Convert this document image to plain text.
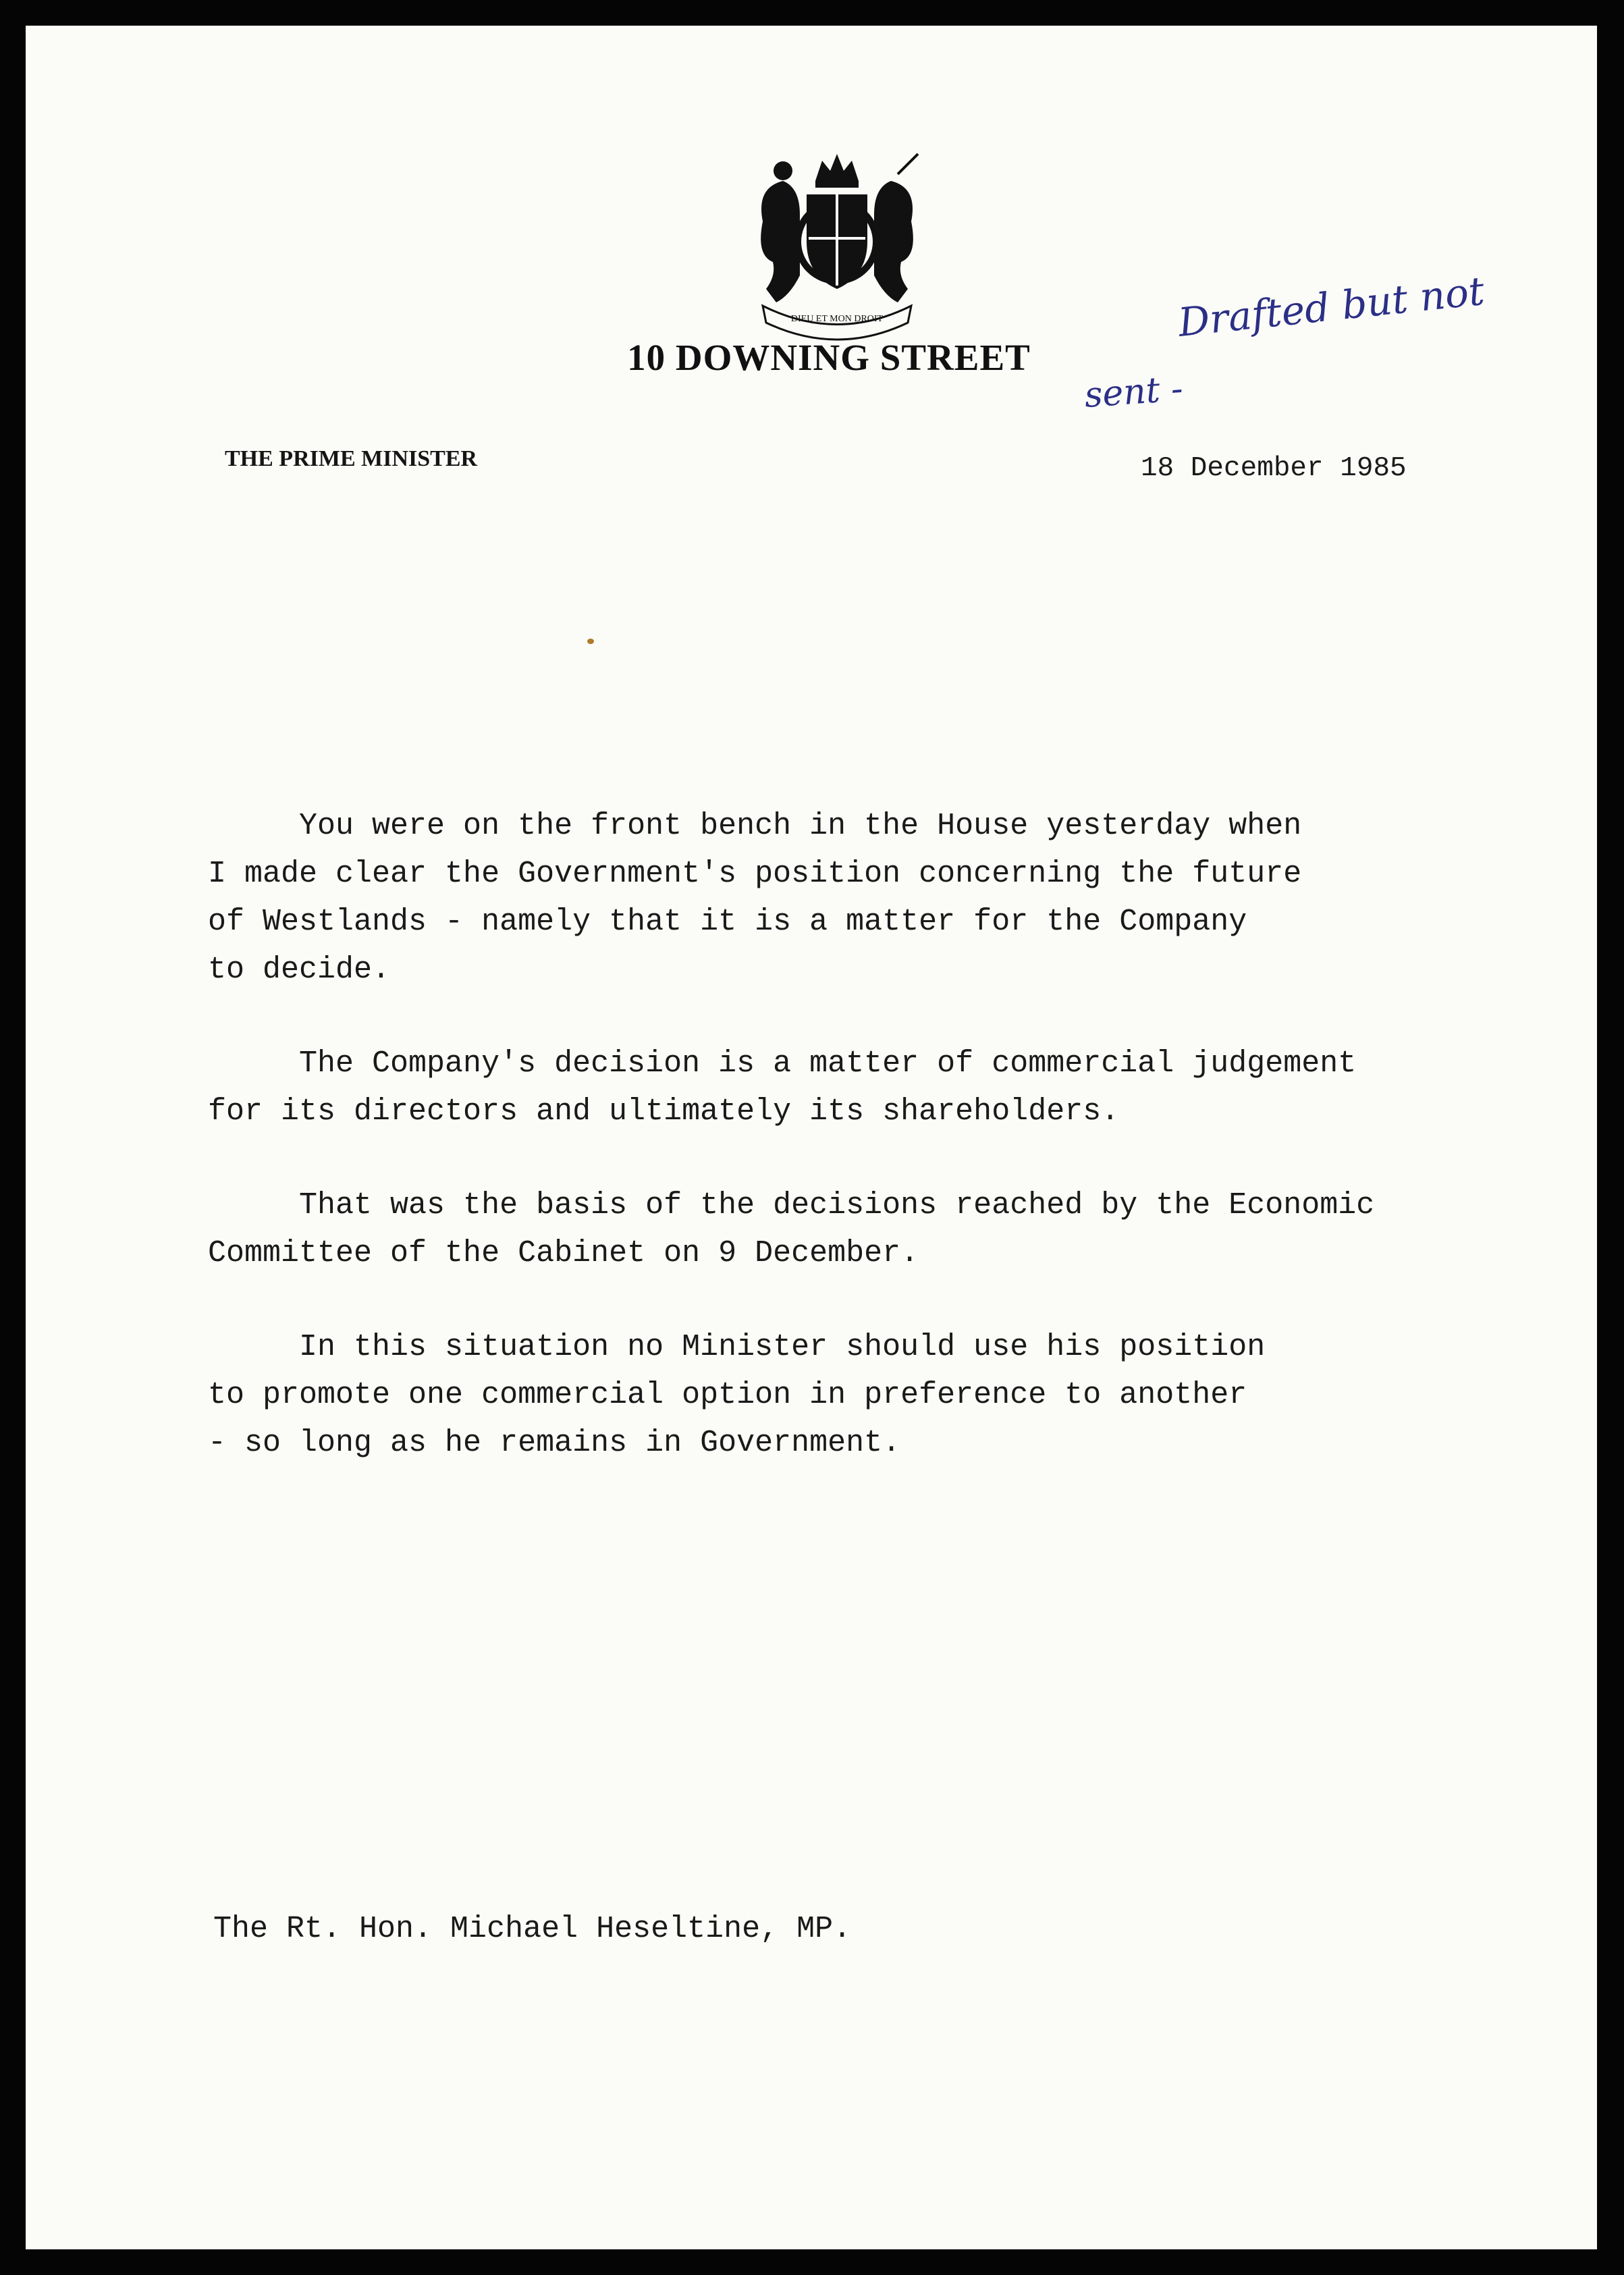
DIEU ET MON DROIT
10 DOWNING STREET
THE PRIME MINISTER	18 December 1985
Drafted but not
sent -

You were on the front bench in the House yesterday when
I made clear the Government's position concerning the future
of Westlands - namely that it is a matter for the Company
to decide.

The Company's decision is a matter of commercial judgement
for its directors and ultimately its shareholders.

That was the basis of the decisions reached by the Economic
Committee of the Cabinet on 9 December.

In this situation no Minister should use his position
to promote one commercial option in preference to another
- so long as he remains in Government.

The Rt. Hon. Michael Heseltine, MP.
